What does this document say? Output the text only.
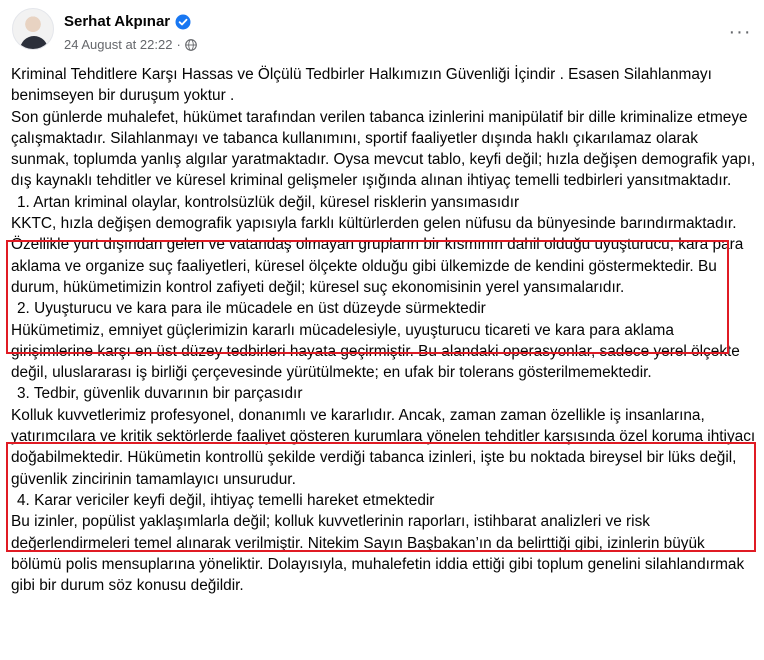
Serhat Akpınar
24 August at 22:22 ·
···

Kriminal Tehditlere Karşı Hassas ve Ölçülü Tedbirler Halkımızın Güvenliği İçindir . Esasen Silahlanmayı benimseyen bir duruşum yoktur .

Son günlerde muhalefet, hükümet tarafından verilen tabanca izinlerini manipülatif bir dille kriminalize etmeye çalışmaktadır. Silahlanmayı ve tabanca kullanımını, sportif faaliyetler dışında haklı çıkarılamaz olarak sunmak, toplumda yanlış algılar yaratmaktadır. Oysa mevcut tablo, keyfi değil; hızla değişen demografik yapı, dış kaynaklı tehditler ve küresel kriminal gelişmeler ışığında alınan ihtiyaç temelli tedbirleri yansıtmaktadır.

1. Artan kriminal olaylar, kontrolsüzlük değil, küresel risklerin yansımasıdır

KKTC, hızla değişen demografik yapısıyla farklı kültürlerden gelen nüfusu da bünyesinde barındırmaktadır. Özellikle yurt dışından gelen ve vatandaş olmayan grupların bir kısmının dahil olduğu uyuşturucu, kara para aklama ve organize suç faaliyetleri, küresel ölçekte olduğu gibi ülkemizde de kendini göstermektedir. Bu durum, hükümetimizin kontrol zafiyeti değil; küresel suç ekonomisinin yerel yansımalarıdır.

2. Uyuşturucu ve kara para ile mücadele en üst düzeyde sürmektedir

Hükümetimiz, emniyet güçlerimizin kararlı mücadelesiyle, uyuşturucu ticareti ve kara para aklama girişimlerine karşı en üst düzey tedbirleri hayata geçirmiştir. Bu alandaki operasyonlar, sadece yerel ölçekte değil, uluslararası iş birliği çerçevesinde yürütülmekte; en ufak bir tolerans gösterilmemektedir.

3. Tedbir, güvenlik duvarının bir parçasıdır

Kolluk kuvvetlerimiz profesyonel, donanımlı ve kararlıdır. Ancak, zaman zaman özellikle iş insanlarına, yatırımcılara ve kritik sektörlerde faaliyet gösteren kurumlara yönelen tehditler karşısında özel koruma ihtiyacı doğabilmektedir. Hükümetin kontrollü şekilde verdiği tabanca izinleri, işte bu noktada bireysel bir lüks değil, güvenlik zincirinin tamamlayıcı unsurudur.

4. Karar vericiler keyfi değil, ihtiyaç temelli hareket etmektedir

Bu izinler, popülist yaklaşımlarla değil; kolluk kuvvetlerinin raporları, istihbarat analizleri ve risk değerlendirmeleri temel alınarak verilmiştir. Nitekim Sayın Başbakan’ın da belirttiği gibi, izinlerin büyük bölümü polis mensuplarına yöneliktir. Dolayısıyla, muhalefetin iddia ettiği gibi toplum genelini silahlandırmak gibi bir durum söz konusu değildir.
